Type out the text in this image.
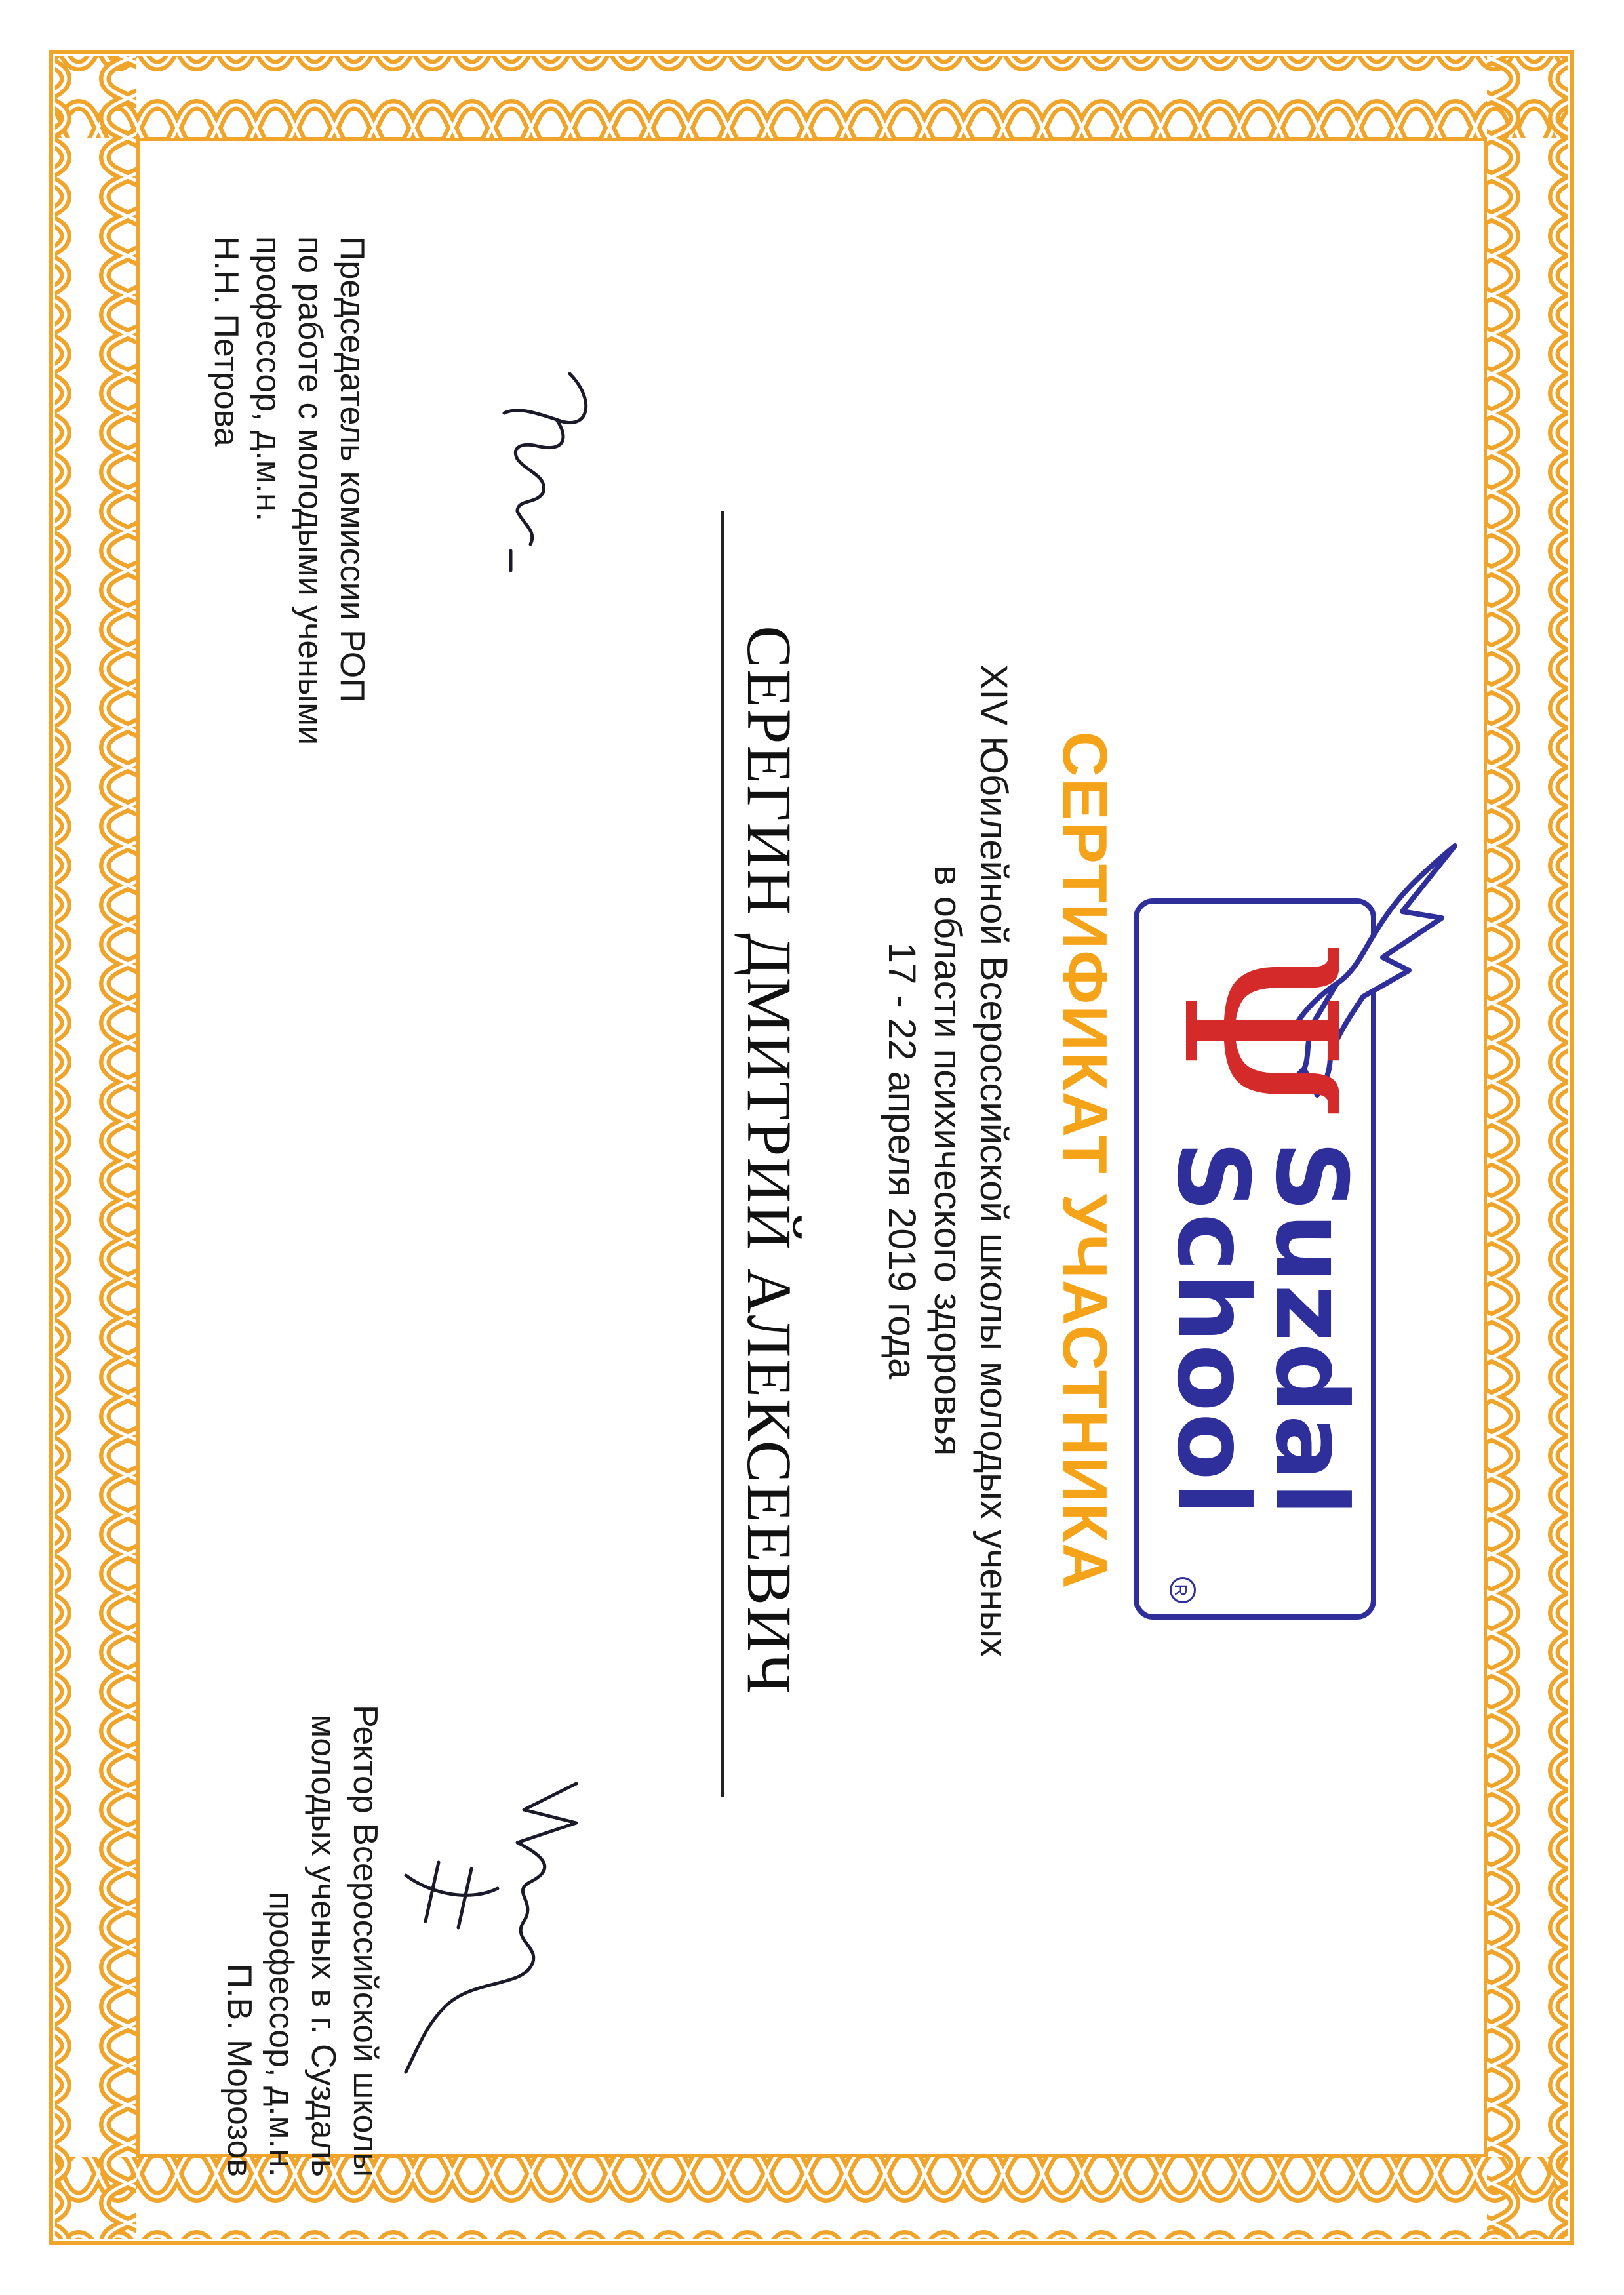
Ψ
Suzdal
School
R
СЕРТИФИКАТ УЧАСТНИКА
XIV Юбилейной Всероссийской школы молодых ученых
в области психического здоровья
17 - 22 апреля 2019 года
СЕРЕГИН ДМИТРИЙ АЛЕКСЕЕВИЧ
Председатель комиссии РОП
по работе с молодыми учеными
профессор, д.м.н.
Н.Н. Петрова
Ректор Всероссийской школы
молодых ученых в г. Суздаль
профессор, д.м.н.
П.В. Морозов
